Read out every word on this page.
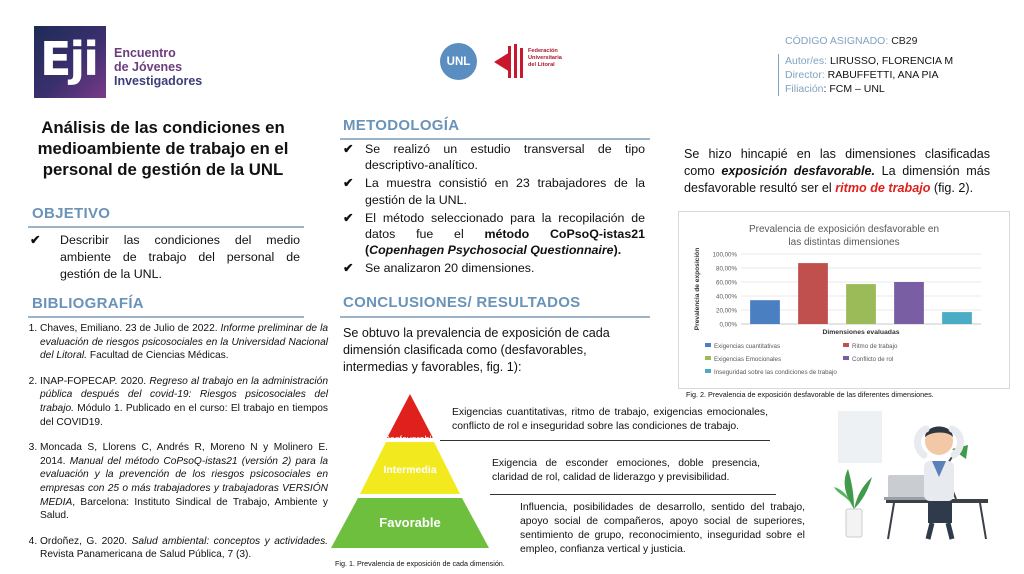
Eji Encuentro
de Jóvenes
Investigadores
UNL
Federación
Universitaria
del Litoral
CÓDIGO ASIGNADO: CB29
Autor/es: LIRUSSO, FLORENCIA M
Director: RABUFFETTI, ANA PIA
Filiación: FCM – UNL
Análisis de las condiciones en medioambiente de trabajo en el personal de gestión de la UNL
OBJETIVO
✔	Describir las condiciones del medio ambiente de trabajo del personal de gestión de la UNL.
BIBLIOGRAFÍA
1. Chaves, Emiliano. 23 de Julio de 2022. Informe preliminar de la evaluación de riesgos psicosociales en la Universidad Nacional del Litoral. Facultad de Ciencias Médicas.
2. INAP-FOPECAP. 2020. Regreso al trabajo en la administración pública después del covid-19: Riesgos psicosociales del trabajo. Módulo 1. Publicado en el curso: El trabajo en tiempos del COVID19.
3. Moncada S, Llorens C, Andrés R, Moreno N y Molinero E. 2014. Manual del método CoPsoQ-istas21 (versión 2) para la evaluación y la prevención de los riesgos psicosociales en empresas con 25 o más trabajadores y trabajadoras VERSIÓN MEDIA, Barcelona: Instituto Sindical de Trabajo, Ambiente y Salud.
4. Ordoñez, G. 2020. Salud ambiental: conceptos y actividades. Revista Panamericana de Salud Pública, 7 (3).
METODOLOGÍA
✔ Se realizó un estudio transversal de tipo descriptivo-analítico.
✔ La muestra consistió en 23 trabajadores de la gestión de la UNL.
✔ El método seleccionado para la recopilación de datos fue el método CoPsoQ-istas21 (Copenhagen Psychosocial Questionnaire).
✔ Se analizaron 20 dimensiones.
CONCLUSIONES/ RESULTADOS
Se obtuvo la prevalencia de exposición de cada dimensión clasificada como (desfavorables, intermedias y favorables, fig. 1):
Desfavorable
Intermedia
Favorable
Exigencias cuantitativas, ritmo de trabajo, exigencias emocionales, conflicto de rol e inseguridad sobre las condiciones de trabajo.
Exigencia de esconder emociones, doble presencia, claridad de rol, calidad de liderazgo y previsibilidad.
Influencia, posibilidades de desarrollo, sentido del trabajo, apoyo social de compañeros, apoyo social de superiores, sentimiento de grupo, reconocimiento, inseguridad sobre el empleo, confianza vertical y justicia.
Fig. 1. Prevalencia de exposición de cada dimensión.
Se hizo hincapié en las dimensiones clasificadas como exposición desfavorable. La dimensión más desfavorable resultó ser el ritmo de trabajo (fig. 2).
Prevalencia de exposición desfavorable en
las distintas dimensiones
100,00%
80,00%
60,00%
40,00%
20,00%
0,00%
Dimensiones evaluadas
Prevalencia de exposición
Exigencias cuantitativas	Ritmo de trabajo
Exigencias Emocionales	Conflicto de rol
Inseguridad sobre las condiciones de trabajo
Fig. 2. Prevalencia de exposición desfavorable de las diferentes dimensiones.
